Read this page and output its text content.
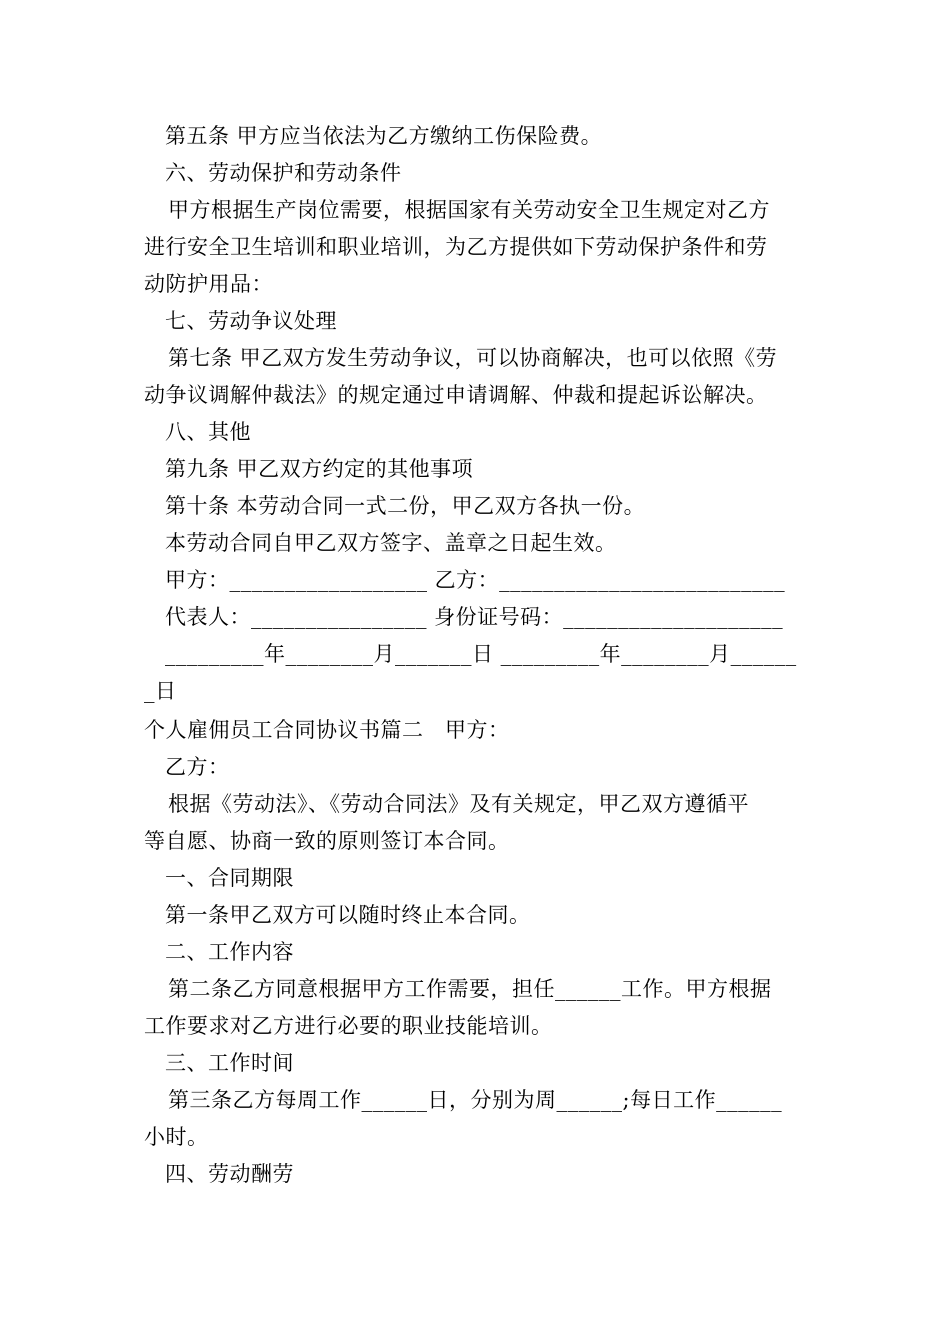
第五条 甲方应当依法为乙方缴纳工伤保险费。
六、劳动保护和劳动条件
甲方根据生产岗位需要，根据国家有关劳动安全卫生规定对乙方
进行安全卫生培训和职业培训，为乙方提供如下劳动保护条件和劳
动防护用品：
七、劳动争议处理
第七条 甲乙双方发生劳动争议，可以协商解决，也可以依照《劳
动争议调解仲裁法》的规定通过申请调解、仲裁和提起诉讼解决。
八、其他
第九条 甲乙双方约定的其他事项
第十条 本劳动合同一式二份，甲乙双方各执一份。
本劳动合同自甲乙双方签字、盖章之日起生效。
甲方：__________________ 乙方：__________________________
代表人：________________ 身份证号码：____________________
_________年________月_______日 _________年________月______
_日
个人雇佣员工合同协议书篇二　甲方：
乙方：
根据《劳动法》、《劳动合同法》及有关规定，甲乙双方遵循平
等自愿、协商一致的原则签订本合同。
一、合同期限
第一条甲乙双方可以随时终止本合同。
二、工作内容
第二条乙方同意根据甲方工作需要，担任______工作。甲方根据
工作要求对乙方进行必要的职业技能培训。
三、工作时间
第三条乙方每周工作______日，分别为周______;每日工作______
小时。
四、劳动酬劳
